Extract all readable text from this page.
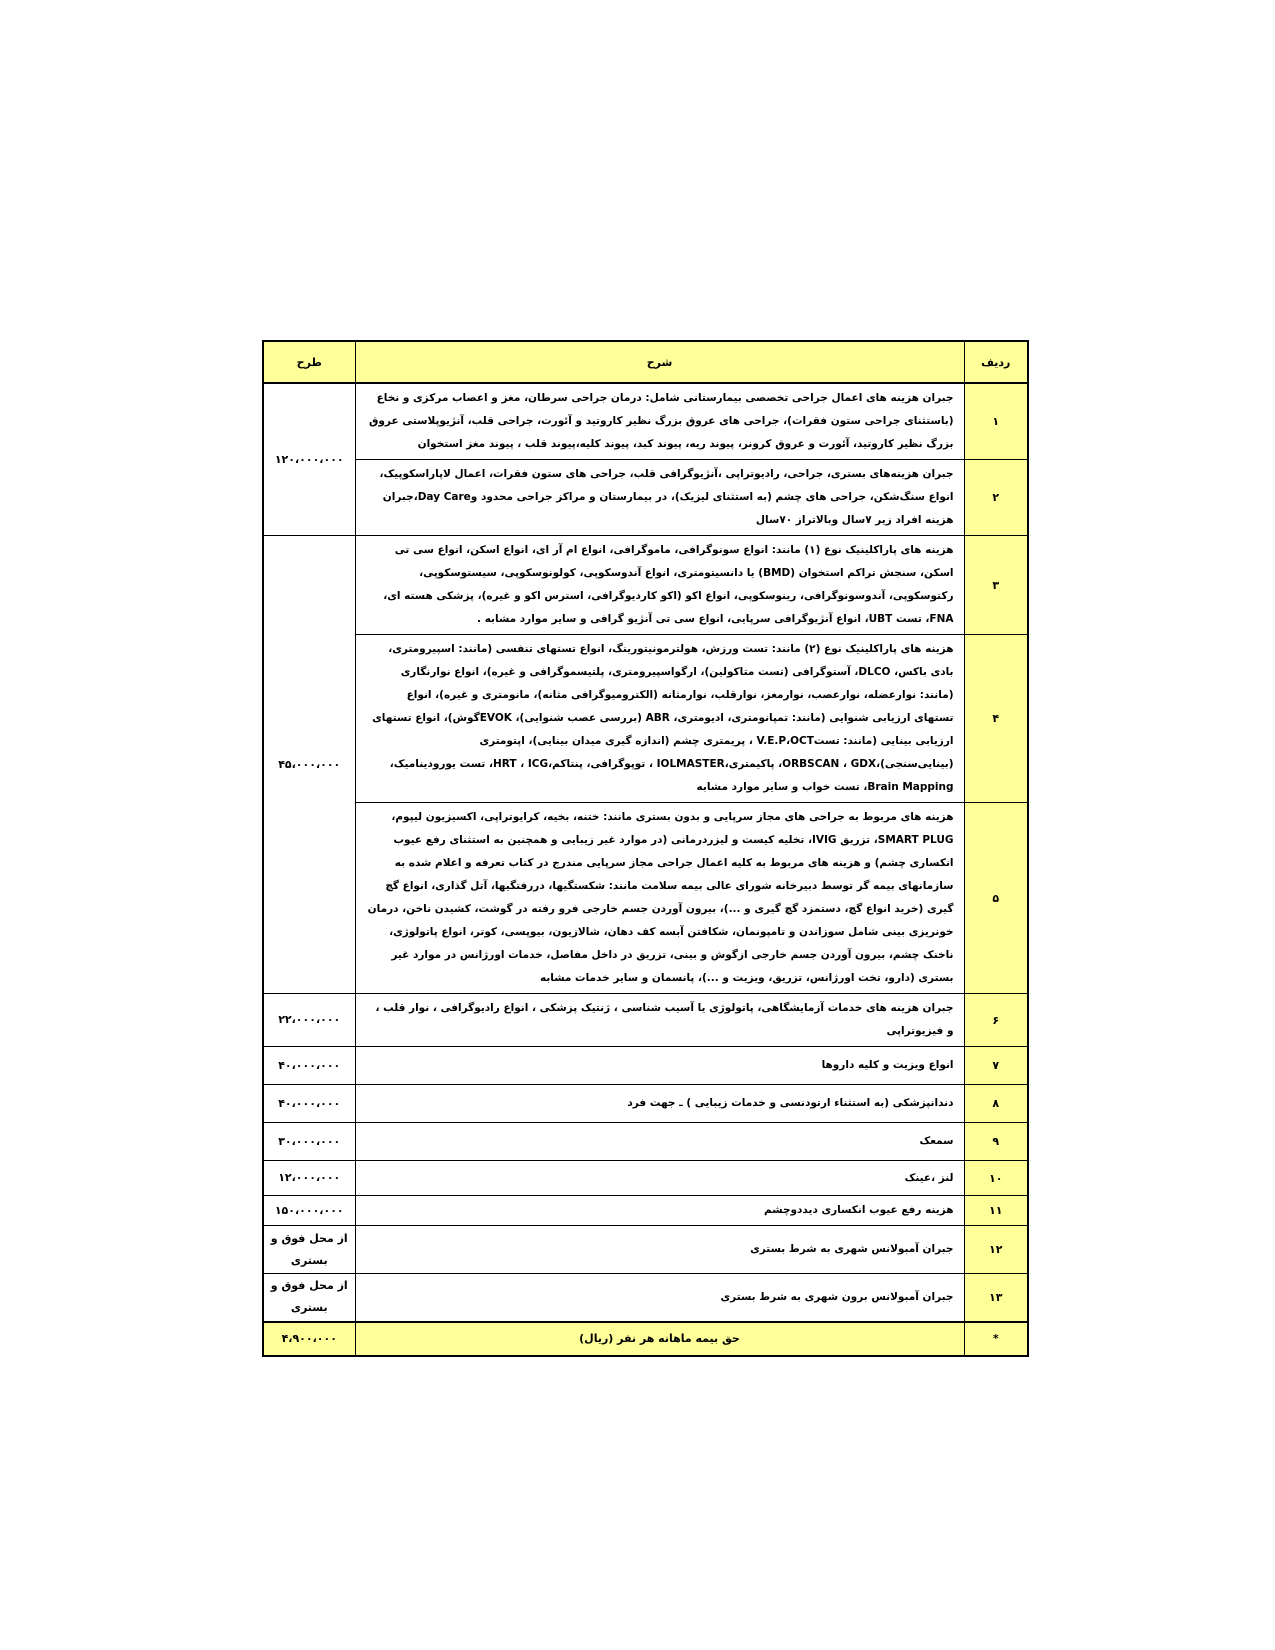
ردیف	شرح	طرح
۱	جبران هزینه های اعمال جراحی تخصصی بیمارستانی شامل: درمان جراحی سرطان، مغز و اعصاب مرکزی و نخاع (باستثنای جراحی ستون فقرات)، جراحی های عروق بزرگ نظیر کاروتید و آئورت، جراحی قلب، آنژیوپلاستی عروق بزرگ نظیر کاروتید، آئورت و عروق کرونر، پیوند ریه، پیوند کبد، پیوند کلیه،پیوند قلب ، پیوند مغز استخوان	۱۲۰،۰۰۰،۰۰۰
۲	جبران هزینه‌های بستری، جراحی، رادیوتراپی ،آنژیوگرافی قلب، جراحی های ستون فقرات، اعمال لاپاراسکوپیک، انواع سنگ‌شکن، جراحی های چشم (به استثنای لیزیک)، در بیمارستان و مراکز جراحی محدود وDay Care،جبران هزینه افراد زیر ۷سال وبالاتراز ۷۰سال	
۳	هزینه های پاراکلینیک نوع (۱) مانند: انواع سونوگرافی، ماموگرافی، انواع ام آر ای، انواع اسکن، انواع سی تی اسکن، سنجش تراکم استخوان (BMD) یا دانسیتومتری، انواع آندوسکوپی، کولونوسکوپی، سیستوسکوپی، رکتوسکوپی، آندوسونوگرافی، رینوسکوپی، انواع اکو (اکو کاردیوگرافی، استرس اکو و غیره)، پزشکی هسته ای، FNA، تست UBT، انواع آنژیوگرافی سرپایی، انواع سی تی آنژیو گرافی و سایر موارد مشابه .	۴۵،۰۰۰،۰۰۰
۴	هزینه های پاراکلینیک نوع (۲) مانند: تست ورزش، هولترمونیتورینگ، انواع تستهای تنفسی (مانند: اسپیرومتری، بادی باکس، DLCO، آستوگرافی (تست متاکولین)، ارگواسپیرومتری، پلتیسموگرافی و غیره)، انواع نوارنگاری (مانند: نوارعضله، نوارعصب، نوارمغز، نوارقلب، نوارمثانه (الکترومیوگرافی مثانه)، مانومتری و غیره)، انواع تستهای ارزیابی شنوایی (مانند: تمپانومتری، ادیومتری، ABR (بررسی عصب شنوایی)، EVOKگوش)، انواع تستهای ارزیابی بینایی (مانند: تستV.E.P،OCT ، پریمتری چشم (اندازه گیری میدان بینایی)، اپتومتری (بینایی‌سنجی)،ORBSCAN ، GDX، پاکیمتری،IOLMASTER ، توپوگرافی، پنتاکم،HRT ، ICG، تست یورودینامیک، Brain Mapping، تست خواب و سایر موارد مشابه	
۵	هزینه های مربوط به جراحی های مجاز سرپایی و بدون بستری مانند: ختنه، بخیه، کرایوتراپی، اکسیزیون لیپوم، SMART PLUG، تزریق IVIG، تخلیه کیست و لیزردرمانی (در موارد غیر زیبایی و همچنین به استثنای رفع عیوب انکساری چشم) و هزینه های مربوط به کلیه اعمال جراحی مجاز سرپایی مندرج در کتاب تعرفه و اعلام شده به سازمانهای بیمه گر توسط دبیرخانه شورای عالی بیمه سلامت مانند: شکستگیها، دررفتگیها، آتل گذاری، انواع گچ گیری (خرید انواع گچ، دستمزد گچ گیری و ...)، بیرون آوردن جسم خارجی فرو رفته در گوشت، کشیدن ناخن، درمان خونریزی بینی شامل سوزاندن و تامپونمان، شکافتن آبسه کف دهان، شالازیون، بیوپسی، کوتر، انواع پاتولوژی، ناخنک چشم، بیرون آوردن جسم خارجی ازگوش و بینی، تزریق در داخل مفاصل، خدمات اورژانس در موارد غیر بستری (دارو، تخت اورژانس، تزریق، ویزیت و ...)، پانسمان و سایر خدمات مشابه	
۶	جبران هزینه های خدمات آزمایشگاهی، پاتولوژی یا آسیب شناسی ، ژنتیک پزشکی ، انواع رادیوگرافی ، نوار قلب ، و فیزیوتراپی	۲۲،۰۰۰،۰۰۰
۷	انواع ویزیت و کلیه داروها	۴۰،۰۰۰،۰۰۰
۸	دندانپزشکی (به استثناء ارتودنسی و خدمات زیبایی ) ـ جهت فرد	۴۰،۰۰۰،۰۰۰
۹	سمعک	۳۰،۰۰۰،۰۰۰
۱۰	لنز ،عینک	۱۲،۰۰۰،۰۰۰
۱۱	هزینه رفع عیوب انکساری دیددوچشم	۱۵۰،۰۰۰،۰۰۰
۱۲	جبران آمبولانس شهری به شرط بستری	از محل فوق و بستری
۱۳	جبران آمبولانس برون شهری به شرط بستری	از محل فوق و بستری
*	حق بیمه ماهانه هر نفر (ریال)	۴،۹۰۰،۰۰۰
